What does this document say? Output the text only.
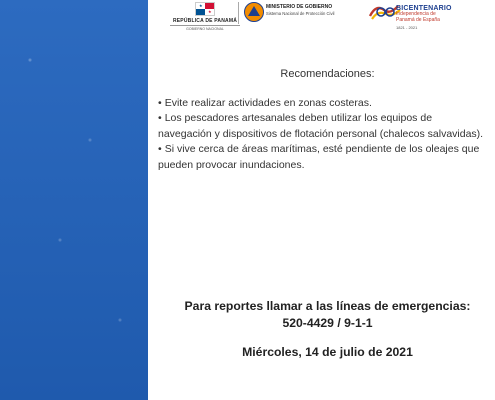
★
★
REPÚBLICA DE PANAMÁ
GOBIERNO NACIONAL
MINISTERIO DE GOBIERNO
Sistema Nacional de Protección Civil
BICENTENARIO
Independencia de
Panamá de España
1821 - 2021
Recomendaciones:

• Evite realizar actividades en zonas costeras.

• Los pescadores artesanales deben utilizar los equipos de navegación y dispositivos de flotación personal (chalecos salvavidas).

• Si vive cerca de áreas marítimas, esté pendiente de los oleajes que pueden provocar inundaciones.

Para reportes llamar a las líneas de emergencias:
520-4429 / 9-1-1
Miércoles, 14 de julio de 2021
